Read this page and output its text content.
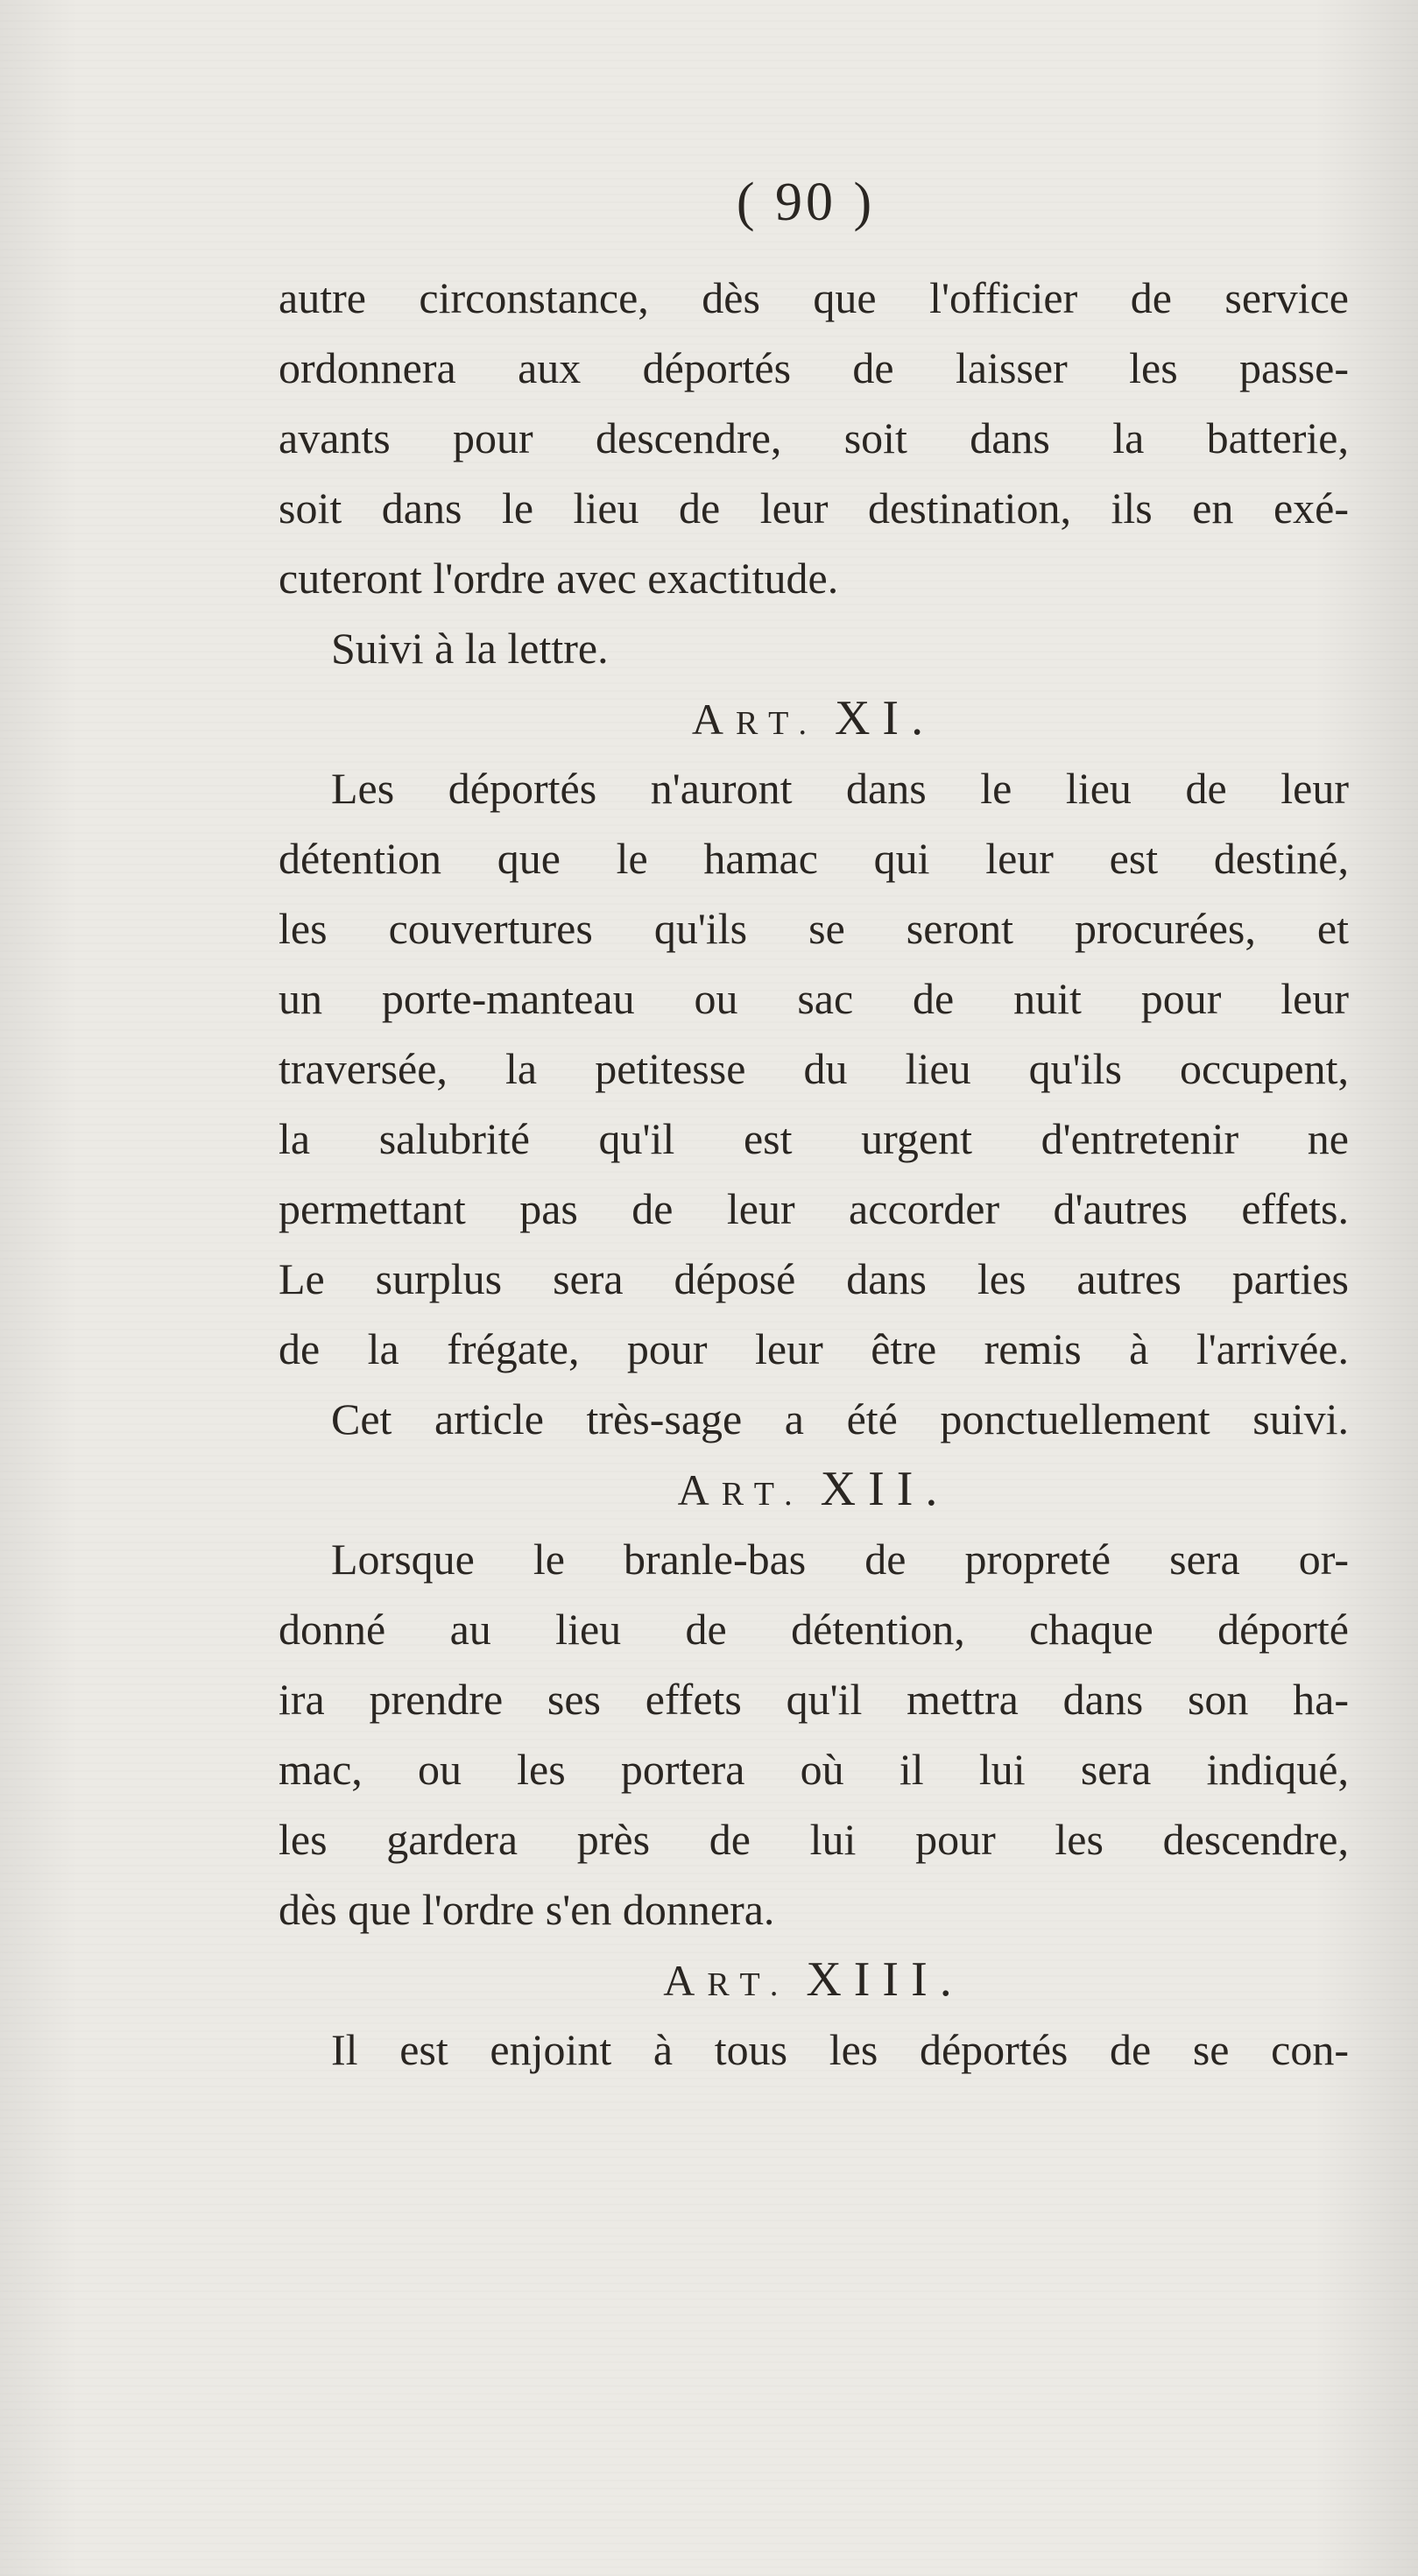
( 90 )
autre circonstance, dès que l'officier de service
ordonnera aux déportés de laisser les passe-
avants pour descendre, soit dans la batterie,
soit dans le lieu de leur destination, ils en exé-
cuteront l'ordre avec exactitude.
Suivi à la lettre.
ART. XI.
Les déportés n'auront dans le lieu de leur
détention que le hamac qui leur est destiné,
les couvertures qu'ils se seront procurées, et
un porte-manteau ou sac de nuit pour leur
traversée, la petitesse du lieu qu'ils occupent,
la salubrité qu'il est urgent d'entretenir ne
permettant pas de leur accorder d'autres effets.
Le surplus sera déposé dans les autres parties
de la frégate, pour leur être remis à l'arrivée.
Cet article très-sage a été ponctuellement suivi.
ART. XII.
Lorsque le branle-bas de propreté sera or-
donné au lieu de détention, chaque déporté
ira prendre ses effets qu'il mettra dans son ha-
mac, ou les portera où il lui sera indiqué,
les gardera près de lui pour les descendre,
dès que l'ordre s'en donnera.
ART. XIII.
Il est enjoint à tous les déportés de se con-
